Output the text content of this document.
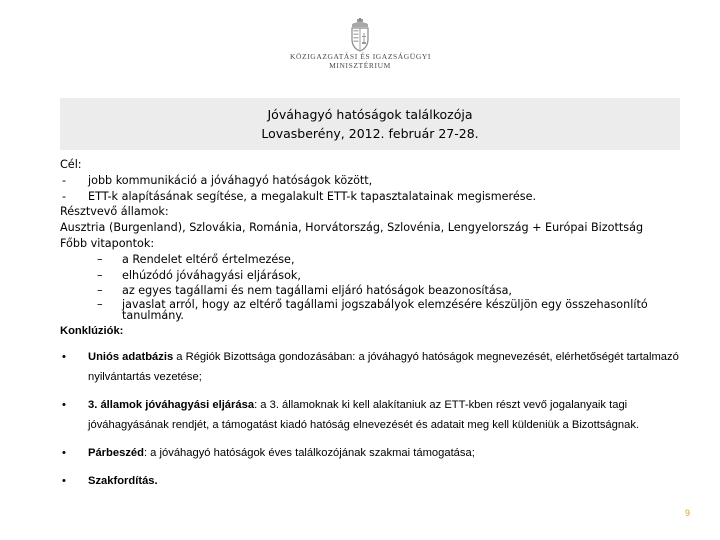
KÖZIGAZGATÁSI ÉS IGAZSÁGÜGYI
MINISZTÉRIUM
Jóváhagyó hatóságok találkozója
Lovasberény, 2012. február 27-28.
Cél:
- jobb kommunikáció a jóváhagyó hatóságok között,
- ETT-k alapításának segítése, a megalakult ETT-k tapasztalatainak megismerése.
Résztvevő államok:
Ausztria (Burgenland), Szlovákia, Románia, Horvátország, Szlovénia, Lengyelország + Európai Bizottság
Főbb vitapontok:
– a Rendelet eltérő értelmezése,
– elhúzódó jóváhagyási eljárások,
– az egyes tagállami és nem tagállami eljáró hatóságok beazonosítása,
– javaslat arról, hogy az eltérő tagállami jogszabályok elemzésére készüljön egy összehasonlító tanulmány.
Konklúziók:
• Uniós adatbázis a Régiók Bizottsága gondozásában: a jóváhagyó hatóságok megnevezését, elérhetőségét tartalmazó nyilvántartás vezetése;
• 3. államok jóváhagyási eljárása: a 3. államoknak ki kell alakítaniuk az ETT-kben részt vevő jogalanyaik tagi jóváhagyásának rendjét, a támogatást kiadó hatóság elnevezését és adatait meg kell küldeniük a Bizottságnak.
• Párbeszéd: a jóváhagyó hatóságok éves találkozójának szakmai támogatása;
• Szakfordítás.
9
